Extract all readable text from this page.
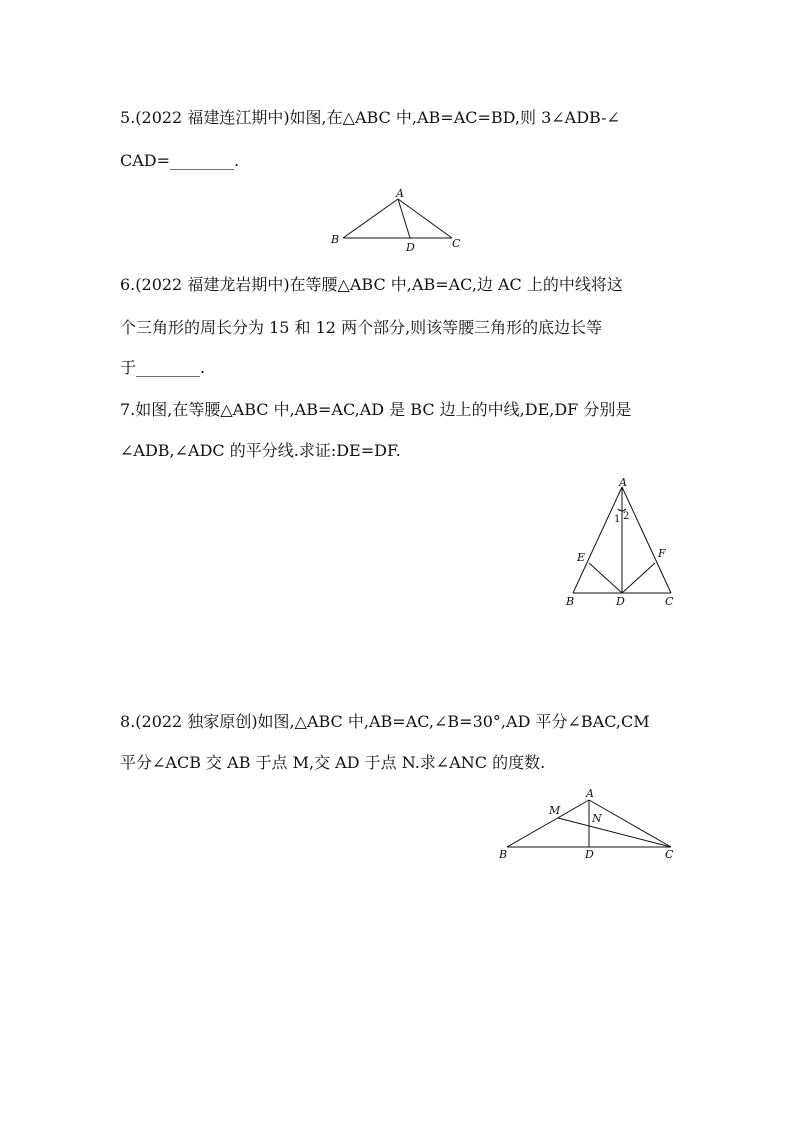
5.(2022 福建连江期中)如图,在△ABC 中,AB=AC=BD,则 3∠ADB-∠
CAD=________.
A
B	C
D
6.(2022 福建龙岩期中)在等腰△ABC 中,AB=AC,边 AC 上的中线将这
个三角形的周长分为 15 和 12 两个部分,则该等腰三角形的底边长等
于________.
7.如图,在等腰△ABC 中,AB=AC,AD 是 BC 边上的中线,DE,DF 分别是
∠ADB,∠ADC 的平分线.求证:DE=DF.
A
B	C
D
E	F
1 2
8.(2022 独家原创)如图,△ABC 中,AB=AC,∠B=30°,AD 平分∠BAC,CM
平分∠ACB 交 AB 于点 M,交 AD 于点 N.求∠ANC 的度数.
A
B	C
D
M
N
